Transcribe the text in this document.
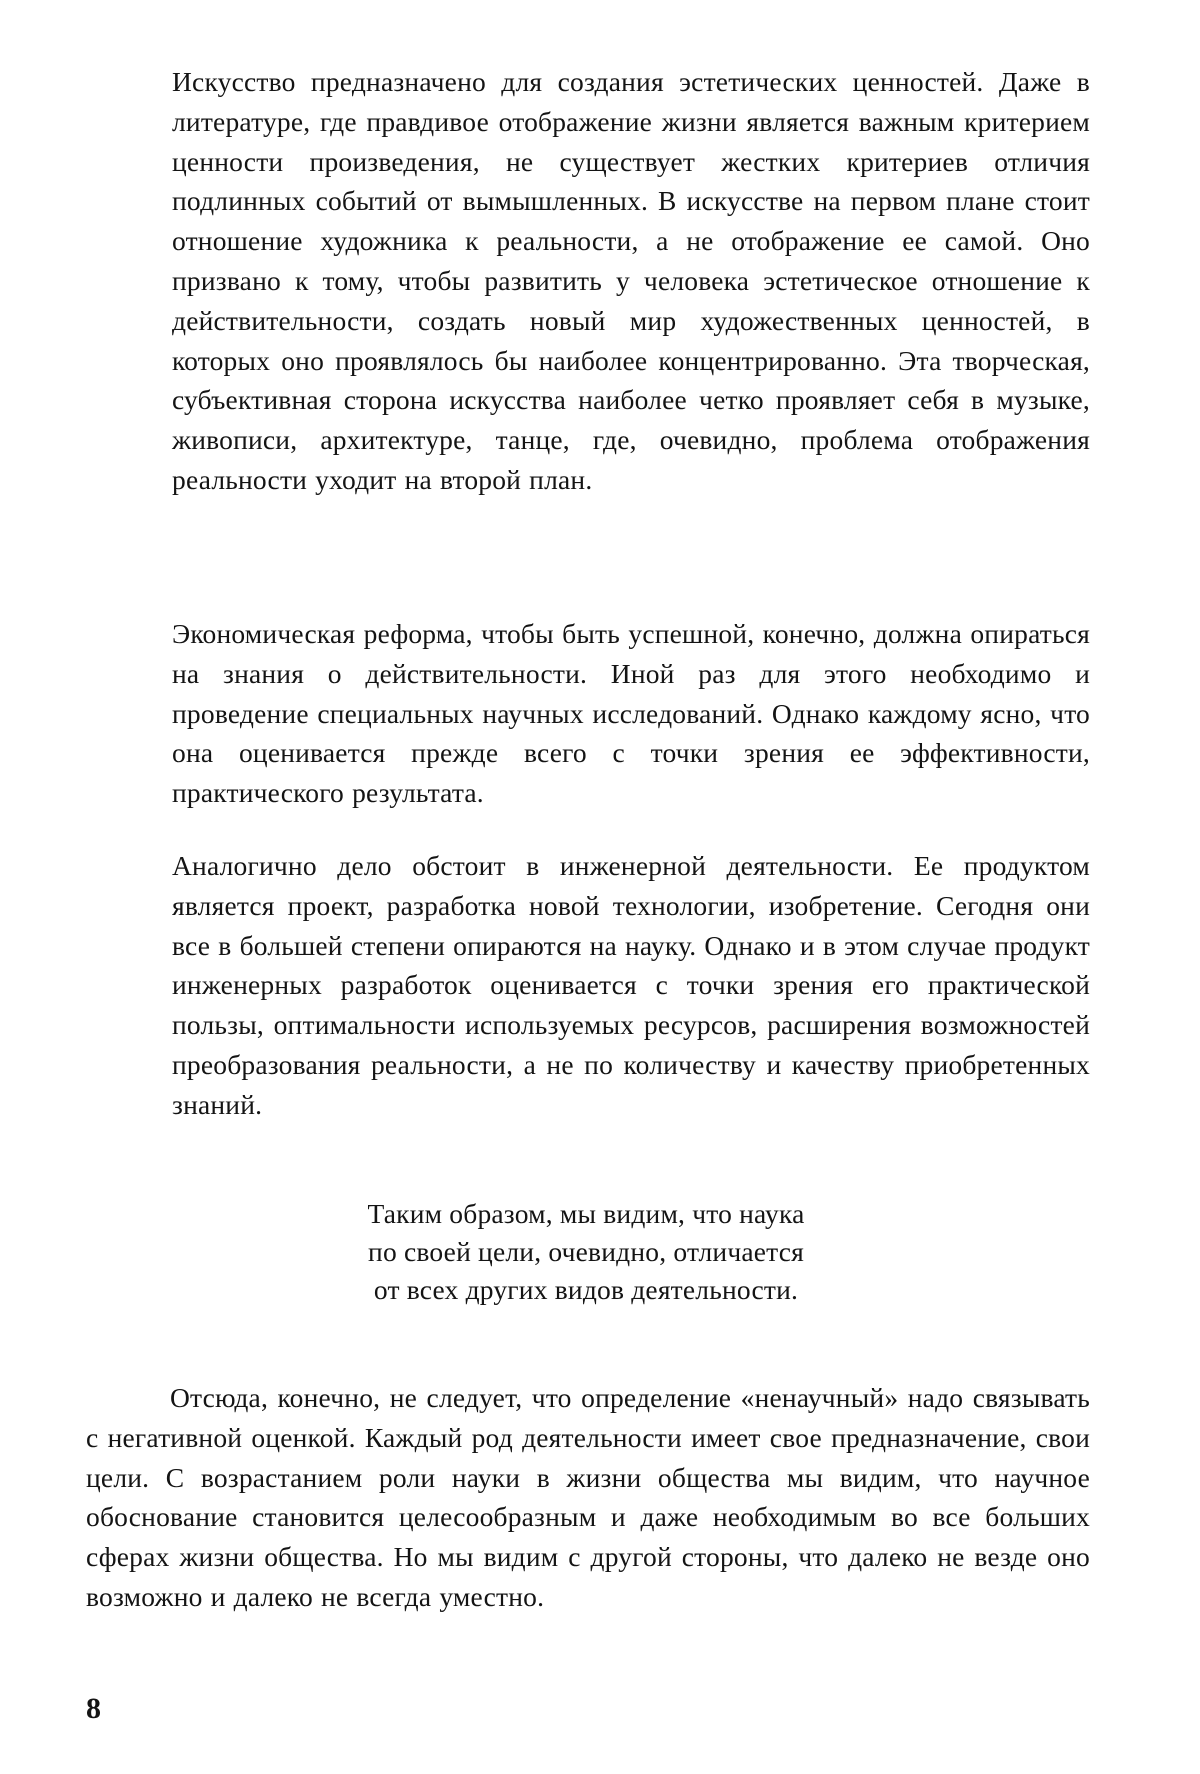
Искусство предназначено для создания эстетических ценностей. Даже в литературе, где правдивое отображение жизни является важным критерием ценности произведения, не существует жестких критериев отличия подлинных событий от вымышленных. В искусстве на первом плане стоит отношение художника к реальности, а не отображение ее самой. Оно призвано к тому, чтобы развитить у человека эстетическое отношение к действительности, создать новый мир художественных ценностей, в которых оно проявлялось бы наиболее концентрированно. Эта творческая, субъективная сторона искусства наиболее четко проявляет себя в музыке, живописи, архитектуре, танце, где, очевидно, проблема отображения реальности уходит на второй план.

Экономическая реформа, чтобы быть успешной, конечно, должна опираться на знания о действительности. Иной раз для этого необходимо и проведение специальных научных исследований. Однако каждому ясно, что она оценивается прежде всего с точки зрения ее эффективности, практического результата.

Аналогично дело обстоит в инженерной деятельности. Ее продуктом является проект, разработка новой технологии, изобретение. Сегодня они все в большей степени опираются на науку. Однако и в этом случае продукт инженерных разработок оценивается с точки зрения его практической пользы, оптимальности используемых ресурсов, расширения возможностей преобразования реальности, а не по количеству и качеству приобретенных знаний.

Таким образом, мы видим, что наука
по своей цели, очевидно, отличается
от всех других видов деятельности.

Отсюда, конечно, не следует, что определение «ненаучный» надо связывать с негативной оценкой. Каждый род деятельности имеет свое предназначение, свои цели. С возрастанием роли науки в жизни общества мы видим, что научное обоснование становится целесообразным и даже необходимым во все больших сферах жизни общества. Но мы видим с другой стороны, что далеко не везде оно возможно и далеко не всегда уместно.

8
